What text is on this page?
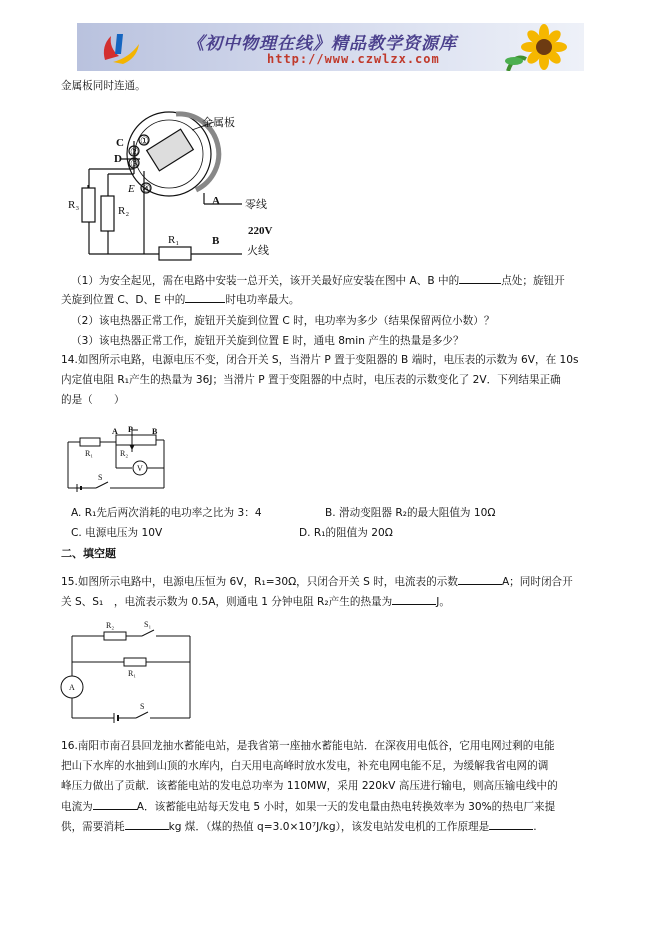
《初中物理在线》精品教学资源库
http://www.czwlzx.com
金属板同时连通。
①
②
③
④
C
D
E
A
B
R₁
R₂
R₃
金属板
零线
220V
火线
（1）为安全起见，需在电路中安装一总开关，该开关最好应安装在图中 A、B 中的	点处；旋钮开
关旋到位置 C、D、E 中的	时电功率最大。
（2）该电热器正常工作，旋钮开关旋到位置 C 时，电功率为多少（结果保留两位小数）？
（3）该电热器正常工作，旋钮开关旋到位置 E 时，通电 8min 产生的热量是多少？
14.如图所示电路，电源电压不变，闭合开关 S，当滑片 P 置于变阻器的 B 端时，电压表的示数为 6V，在 10s
内定值电阻 R₁产生的热量为 36J；当滑片 P 置于变阻器的中点时，电压表的示数变化了 2V．下列结果正确
的是（　　）
A P B
R₁	R₂
V
S
A. R₁先后两次消耗的电功率之比为 3：4	B. 滑动变阻器 R₂的最大阻值为 10Ω
C. 电源电压为 10V	D. R₁的阻值为 20Ω
二、填空题
15.如图所示电路中，电源电压恒为 6V，R₁=30Ω，只闭合开关 S 时，电流表的示数	A；同时闭合开
关 S、S₁　，电流表示数为 0.5A，则通电 1 分钟电阻 R₂产生的热量为	J。
R₂	S₁
R₁
A
S
16.南阳市南召县回龙抽水蓄能电站，是我省第一座抽水蓄能电站．在深夜用电低谷，它用电网过剩的电能
把山下水库的水抽到山顶的水库内，白天用电高峰时放水发电，补充电网电能不足，为缓解我省电网的调
峰压力做出了贡献．该蓄能电站的发电总功率为 110MW，采用 220kV 高压进行输电，则高压输电线中的
电流为	A．该蓄能电站每天发电 5 小时，如果一天的发电量由热电转换效率为 30%的热电厂来提
供，需要消耗	kg 煤．（煤的热值 q=3.0×10⁷J/kg），该发电站发电机的工作原理是	.
